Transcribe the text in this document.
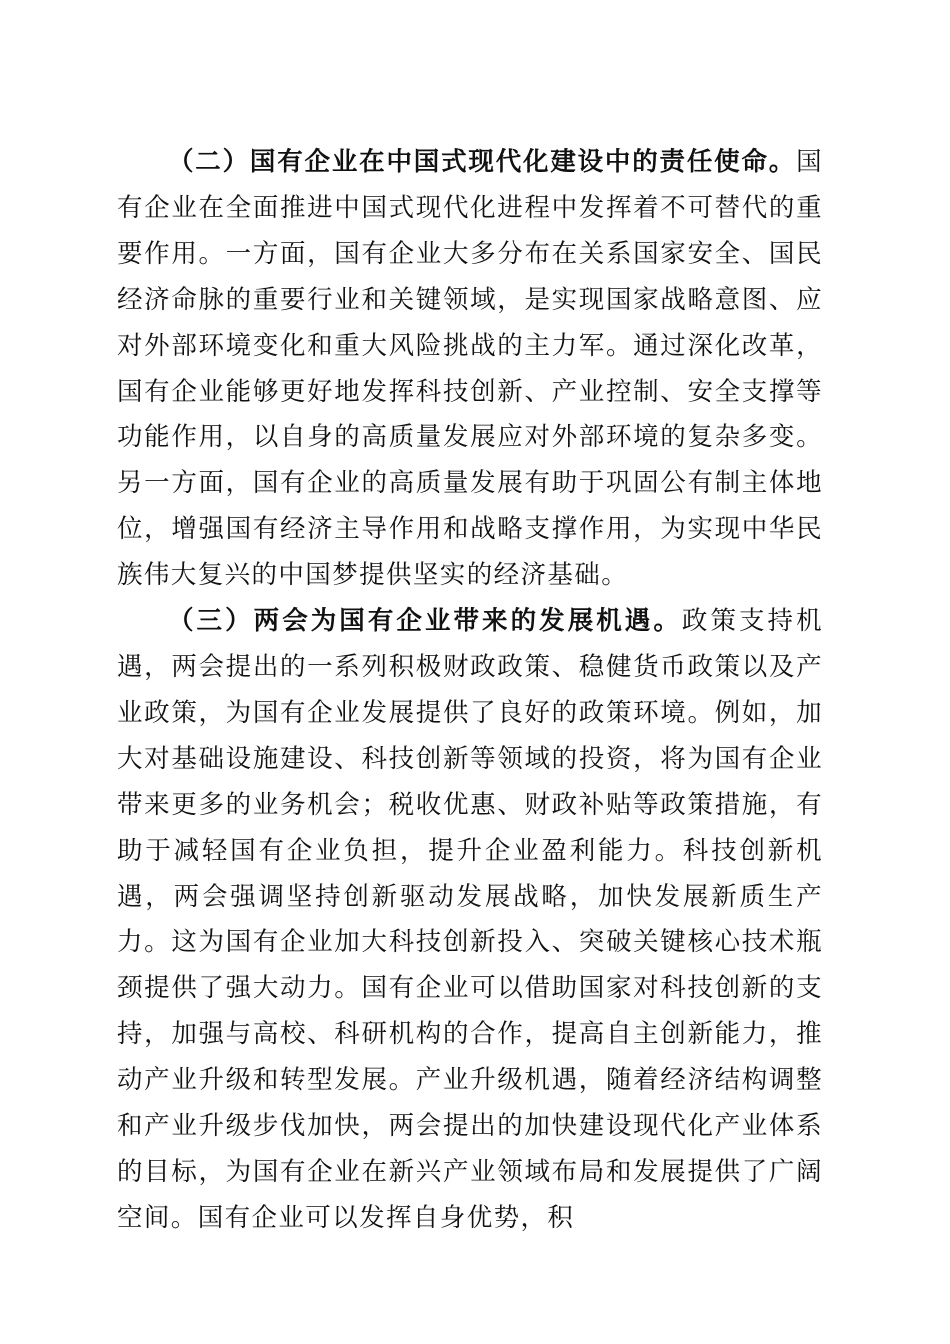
（二）国有企业在中国式现代化建设中的责任使命。国有企业在全面推进中国式现代化进程中发挥着不可替代的重要作用。一方面，国有企业大多分布在关系国家安全、国民经济命脉的重要行业和关键领域，是实现国家战略意图、应对外部环境变化和重大风险挑战的主力军。通过深化改革，国有企业能够更好地发挥科技创新、产业控制、安全支撑等功能作用，以自身的高质量发展应对外部环境的复杂多变。另一方面，国有企业的高质量发展有助于巩固公有制主体地位，增强国有经济主导作用和战略支撑作用，为实现中华民族伟大复兴的中国梦提供坚实的经济基础。

（三）两会为国有企业带来的发展机遇。政策支持机遇，两会提出的一系列积极财政政策、稳健货币政策以及产业政策，为国有企业发展提供了良好的政策环境。例如，加大对基础设施建设、科技创新等领域的投资，将为国有企业带来更多的业务机会；税收优惠、财政补贴等政策措施，有助于减轻国有企业负担，提升企业盈利能力。科技创新机遇，两会强调坚持创新驱动发展战略，加快发展新质生产力。这为国有企业加大科技创新投入、突破关键核心技术瓶颈提供了强大动力。国有企业可以借助国家对科技创新的支持，加强与高校、科研机构的合作，提高自主创新能力，推动产业升级和转型发展。产业升级机遇，随着经济结构调整和产业升级步伐加快，两会提出的加快建设现代化产业体系的目标，为国有企业在新兴产业领域布局和发展提供了广阔空间。国有企业可以发挥自身优势，积
